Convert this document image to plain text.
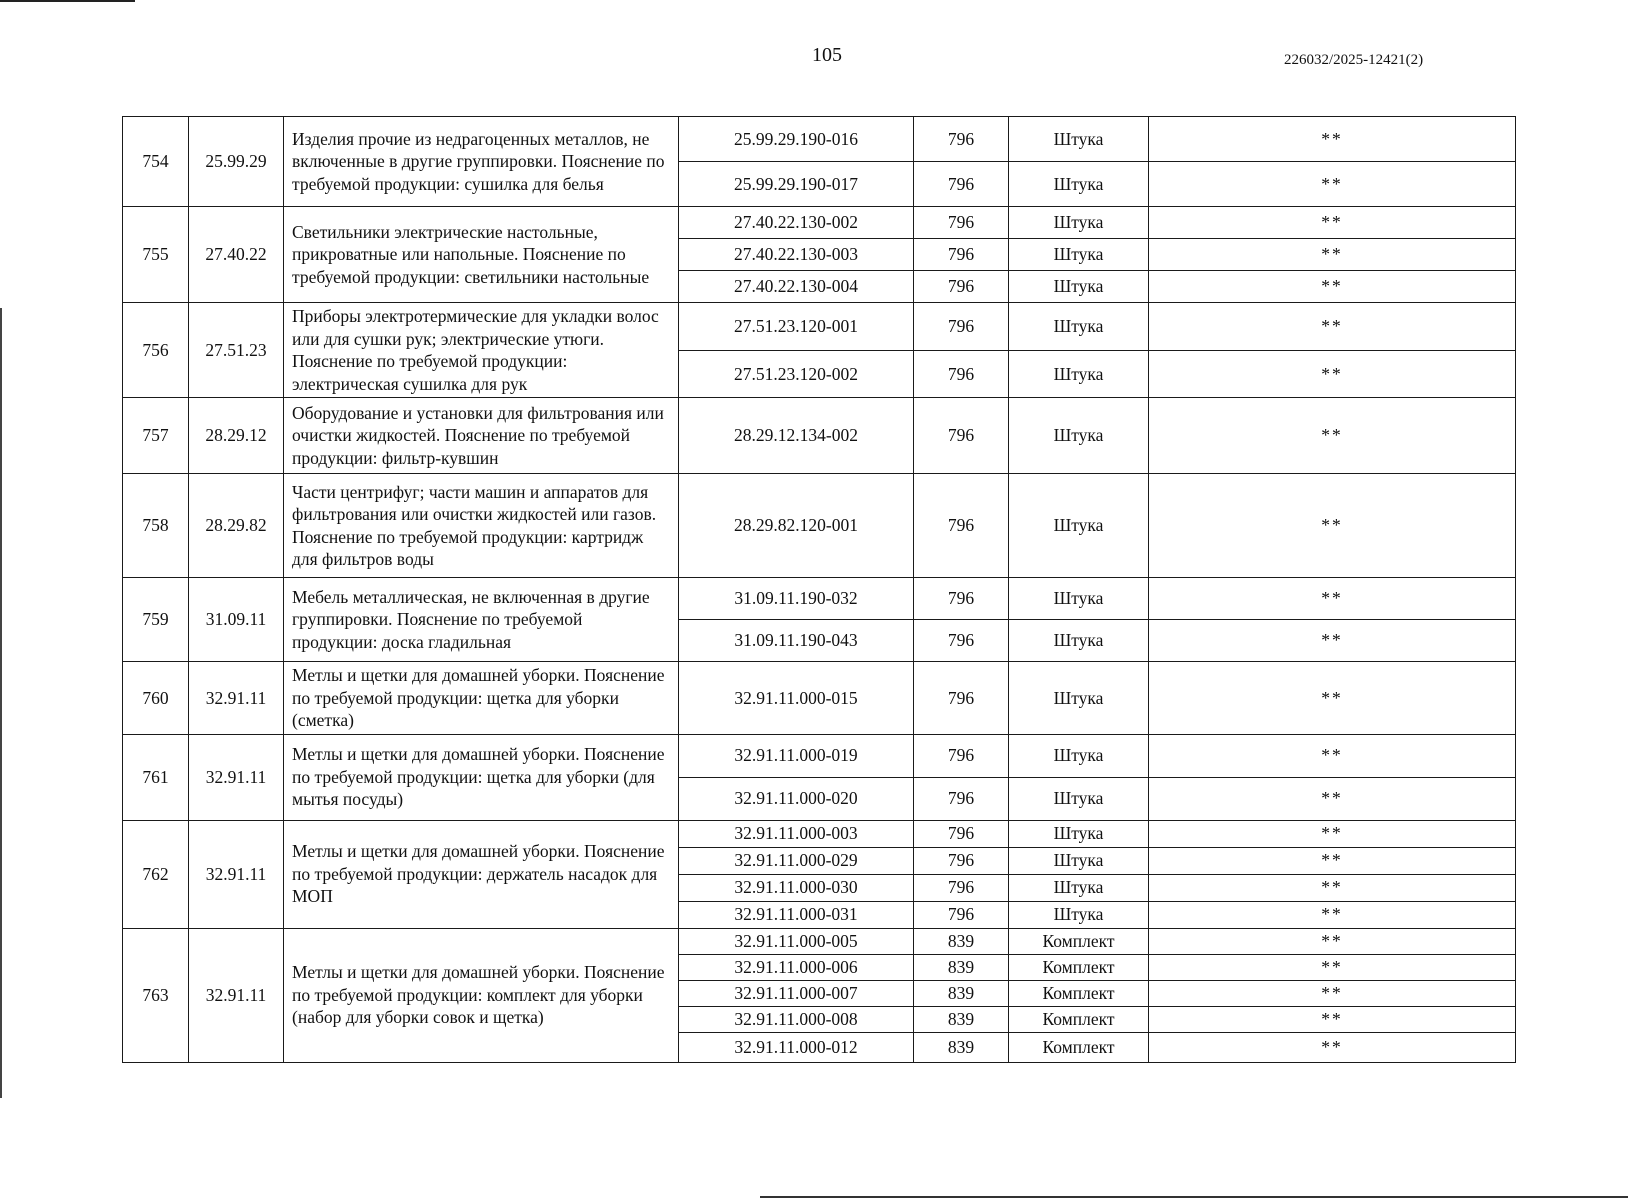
105	226032/2025-12421(2)
754	25.99.29	Изделия прочие из недрагоценных металлов, не включенные в другие группировки. Пояснение по требуемой продукции: сушилка для белья	25.99.29.190-016	796	Штука	**
			25.99.29.190-017	796	Штука	**
755	27.40.22	Светильники электрические настольные, прикроватные или напольные. Пояснение по требуемой продукции: светильники настольные	27.40.22.130-002	796	Штука	**
			27.40.22.130-003	796	Штука	**
			27.40.22.130-004	796	Штука	**
756	27.51.23	Приборы электротермические для укладки волос или для сушки рук; электрические утюги. Пояснение по требуемой продукции: электрическая сушилка для рук	27.51.23.120-001	796	Штука	**
			27.51.23.120-002	796	Штука	**
757	28.29.12	Оборудование и установки для фильтрования или очистки жидкостей. Пояснение по требуемой продукции: фильтр-кувшин	28.29.12.134-002	796	Штука	**
758	28.29.82	Части центрифуг; части машин и аппаратов для фильтрования или очистки жидкостей или газов. Пояснение по требуемой продукции: картридж для фильтров воды	28.29.82.120-001	796	Штука	**
759	31.09.11	Мебель металлическая, не включенная в другие группировки. Пояснение по требуемой продукции: доска гладильная	31.09.11.190-032	796	Штука	**
			31.09.11.190-043	796	Штука	**
760	32.91.11	Метлы и щетки для домашней уборки. Пояснение по требуемой продукции: щетка для уборки (сметка)	32.91.11.000-015	796	Штука	**
761	32.91.11	Метлы и щетки для домашней уборки. Пояснение по требуемой продукции: щетка для уборки (для мытья посуды)	32.91.11.000-019	796	Штука	**
			32.91.11.000-020	796	Штука	**
762	32.91.11	Метлы и щетки для домашней уборки. Пояснение по требуемой продукции: держатель насадок для МОП	32.91.11.000-003	796	Штука	**
			32.91.11.000-029	796	Штука	**
			32.91.11.000-030	796	Штука	**
			32.91.11.000-031	796	Штука	**
763	32.91.11	Метлы и щетки для домашней уборки. Пояснение по требуемой продукции: комплект для уборки (набор для уборки совок и щетка)	32.91.11.000-005	839	Комплект	**
			32.91.11.000-006	839	Комплект	**
			32.91.11.000-007	839	Комплект	**
			32.91.11.000-008	839	Комплект	**
			32.91.11.000-012	839	Комплект	**
